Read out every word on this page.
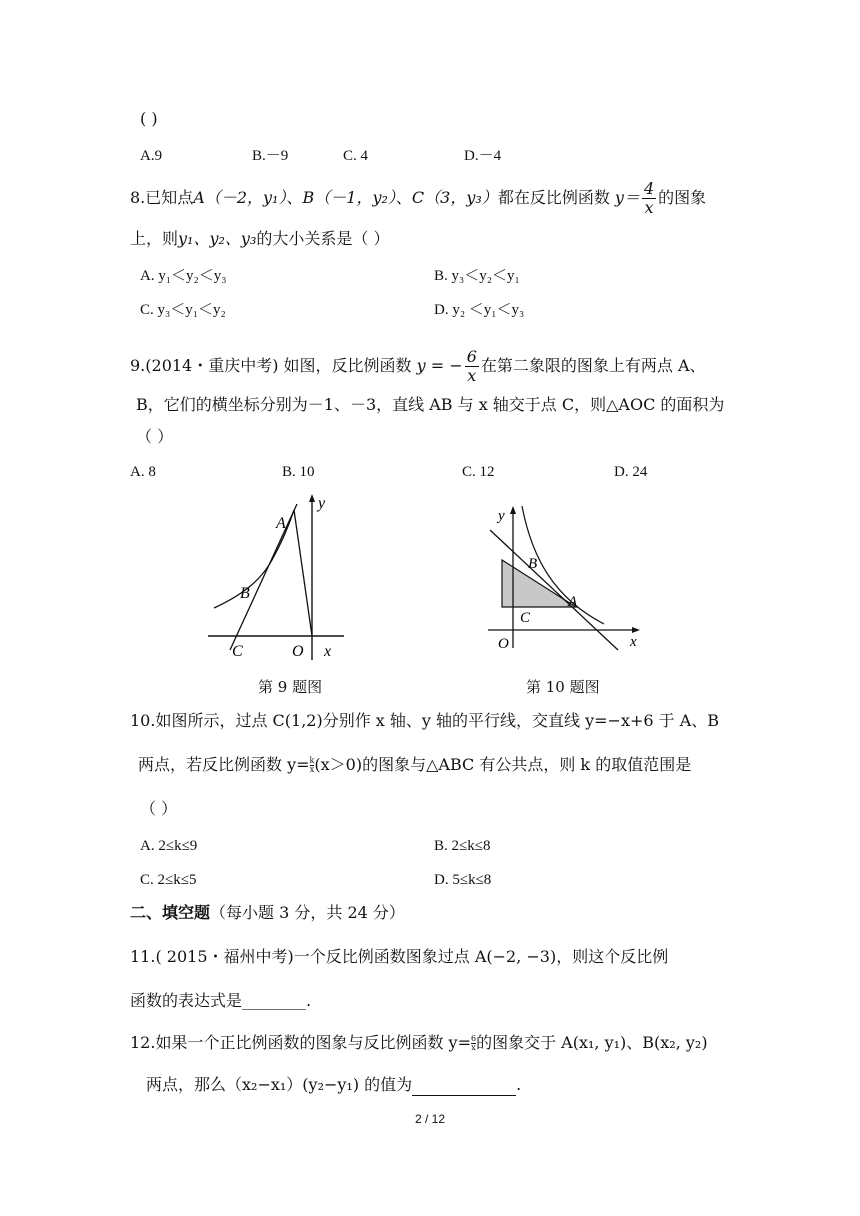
( )
A.9	B.－9	C. 4	D.－4
8.已知点A（－2，y₁）、B（－1，y₂）、C（3，y₃）都在反比例函数 $y= \frac{4}{x}$ 的图象
上，则y₁、y₂、y₃的大小关系是（ ）
A. y₁＜y₂＜y₃	B. y₃＜y₂＜y₁
C. y₃＜y₁＜y₂	D. y₂ ＜y₁＜y₃
9.(2014・重庆中考) 如图，反比例函数 y = − $\frac{6}{x}$ 在第二象限的图象上有两点 A、
B，它们的横坐标分别为－1、－3，直线 AB 与 x 轴交于点 C，则△AOC 的面积为
（ ）
A. 8	B. 10	C. 12	D. 24
A
B
C	O x
y
第 9 题图
y
B
A
C
O	x
第 10 题图
10.如图所示，过点 C(1,2)分别作 x 轴、y 轴的平行线，交直线 y=−x+6 于 A、B
两点，若反比例函数 $y= \frac{k}{x} (x>0)$的图象与△ABC 有公共点，则 k 的取值范围是
（ ）
A. 2≤k≤9	B. 2≤k≤8
C. 2≤k≤5	D. 5≤k≤8
二、填空题（每小题 3 分，共 24 分）
11.( 2015・福州中考)一个反比例函数图象过点 A(−2, −3)，则这个反比例
函数的表达式是________.
12.如果一个正比例函数的图象与反比例函数 $y= \frac{6}{x}$ 的图象交于 A(x₁, y₁)、B(x₂, y₂)
两点，那么（x₂−x₁）(y₂−y₁) 的值为	.
2 / 12
